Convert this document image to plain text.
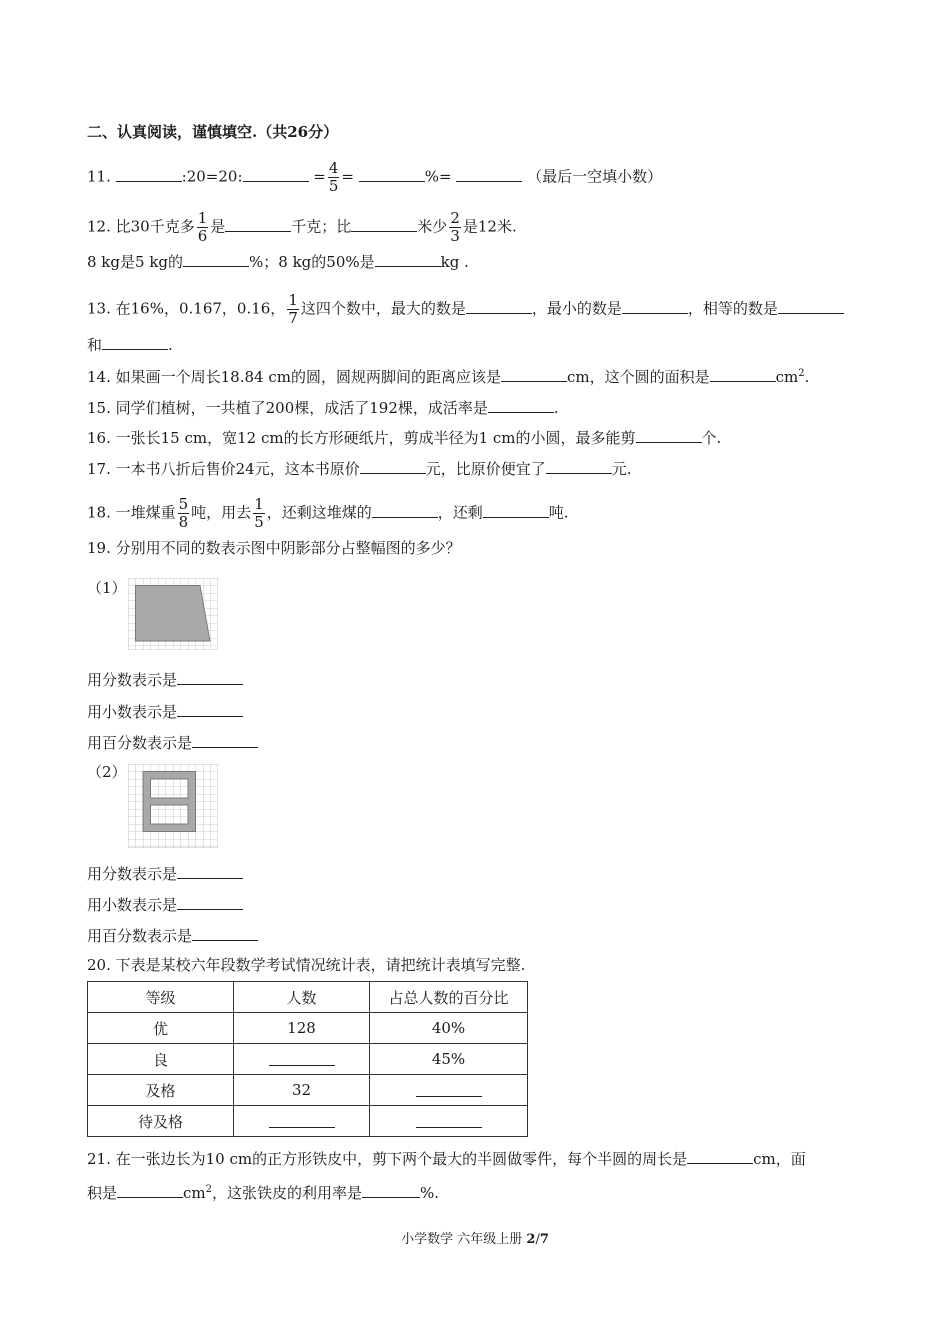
二、认真阅读，谨慎填空.（共26分）
11.	:20=20:	= $\frac{4}{5}$ =	%=	（最后一空填小数）
12. 比30千克多 $\frac{1}{6}$ 是	千克；比	米少 $\frac{2}{3}$ 是12米.
8 kg是5 kg的	%；8 kg的50%是	kg .
13. 在16%，0.167，0.16， $\frac{1}{7}$ 这四个数中，最大的数是	，最小的数是	，相等的数是
和	.
14. 如果画一个周长18.84 cm的圆，圆规两脚间的距离应该是	cm，这个圆的面积是	$cm^2$.
15. 同学们植树，一共植了200棵，成活了192棵，成活率是	.
16. 一张长15 cm，宽12 cm的长方形硬纸片，剪成半径为1 cm的小圆，最多能剪	个.
17. 一本书八折后售价24元，这本书原价	元，比原价便宜了	元.
18. 一堆煤重 $\frac{5}{8}$ 吨，用去 $\frac{1}{5}$ ，还剩这堆煤的	，还剩	吨.
19. 分别用不同的数表示图中阴影部分占整幅图的多少？
（1）
用分数表示是
用小数表示是
用百分数表示是
（2）
用分数表示是
用小数表示是
用百分数表示是
20. 下表是某校六年段数学考试情况统计表，请把统计表填写完整.
等级	人数	占总人数的百分比
优	128	40%
良		45%
及格	32	
待及格		
21. 在一张边长为10 cm的正方形铁皮中，剪下两个最大的半圆做零件，每个半圆的周长是	cm，面
积是	$cm^2$，这张铁皮的利用率是	%.
小学数学 六年级上册 2/7
